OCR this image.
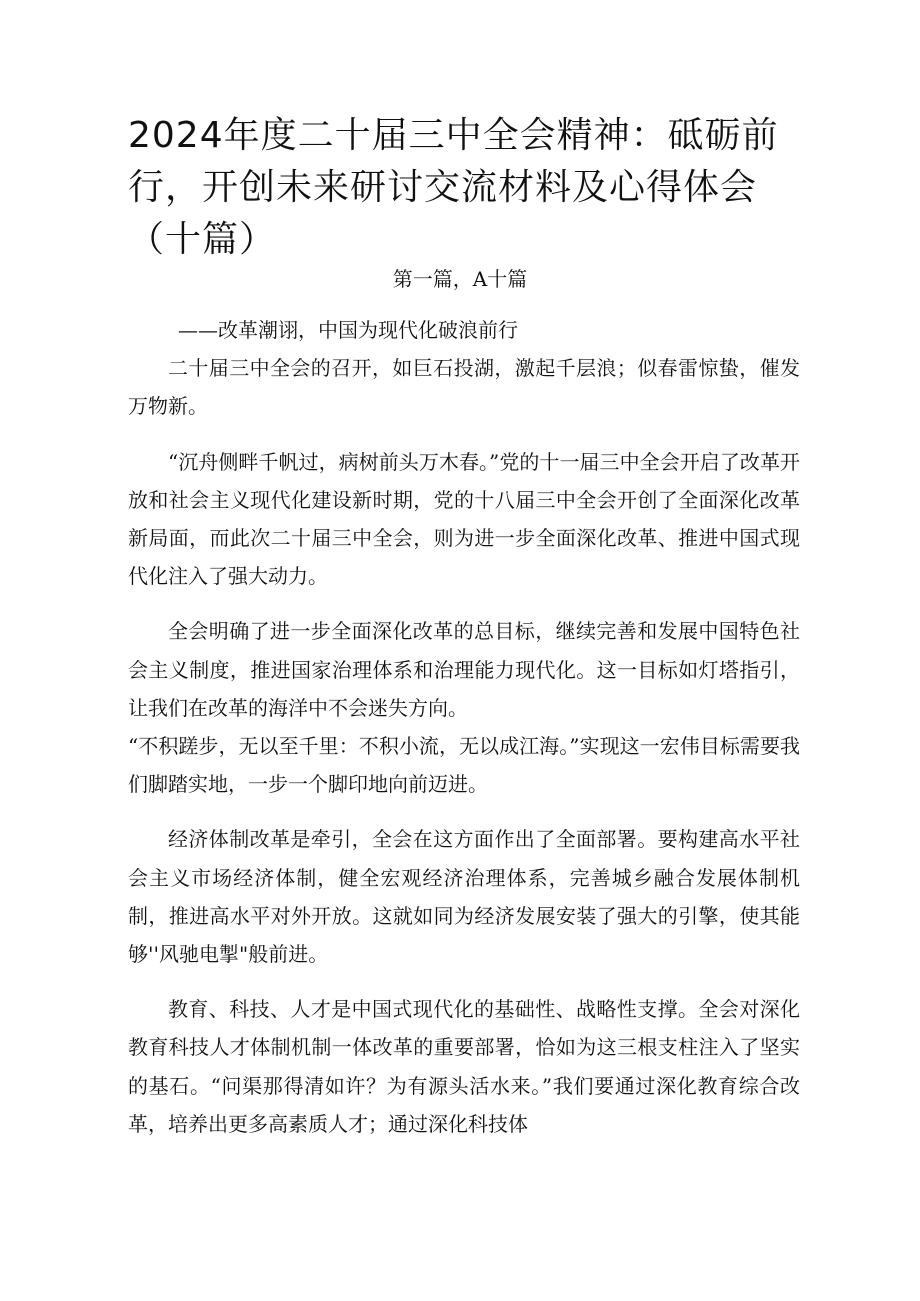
2024年度二十届三中全会精神：砥砺前行，开创未来研讨交流材料及心得体会（十篇）
第一篇，A十篇

——改革潮诩，中国为现代化破浪前行

二十届三中全会的召开，如巨石投湖，激起千层浪；似春雷惊蛰，催发万物新。

“沉舟侧畔千帆过，病树前头万木春。”党的十一届三中全会开启了改革开放和社会主义现代化建设新时期，党的十八届三中全会开创了全面深化改革新局面，而此次二十届三中全会，则为进一步全面深化改革、推进中国式现代化注入了强大动力。

全会明确了进一步全面深化改革的总目标，继续完善和发展中国特色社会主义制度，推进国家治理体系和治理能力现代化。这一目标如灯塔指引，让我们在改革的海洋中不会迷失方向。

“不积蹉步，无以至千里：不积小流，无以成江海。”实现这一宏伟目标需要我们脚踏实地，一步一个脚印地向前迈进。

经济体制改革是牵引，全会在这方面作出了全面部署。要构建高水平社会主义市场经济体制，健全宏观经济治理体系，完善城乡融合发展体制机制，推进高水平对外开放。这就如同为经济发展安装了强大的引擎，使其能够''风驰电掣"般前进。

教育、科技、人才是中国式现代化的基础性、战略性支撑。全会对深化教育科技人才体制机制一体改革的重要部署，恰如为这三根支柱注入了坚实的基石。“问渠那得清如许？为有源头活水来。”我们要通过深化教育综合改革，培养出更多高素质人才；通过深化科技体
